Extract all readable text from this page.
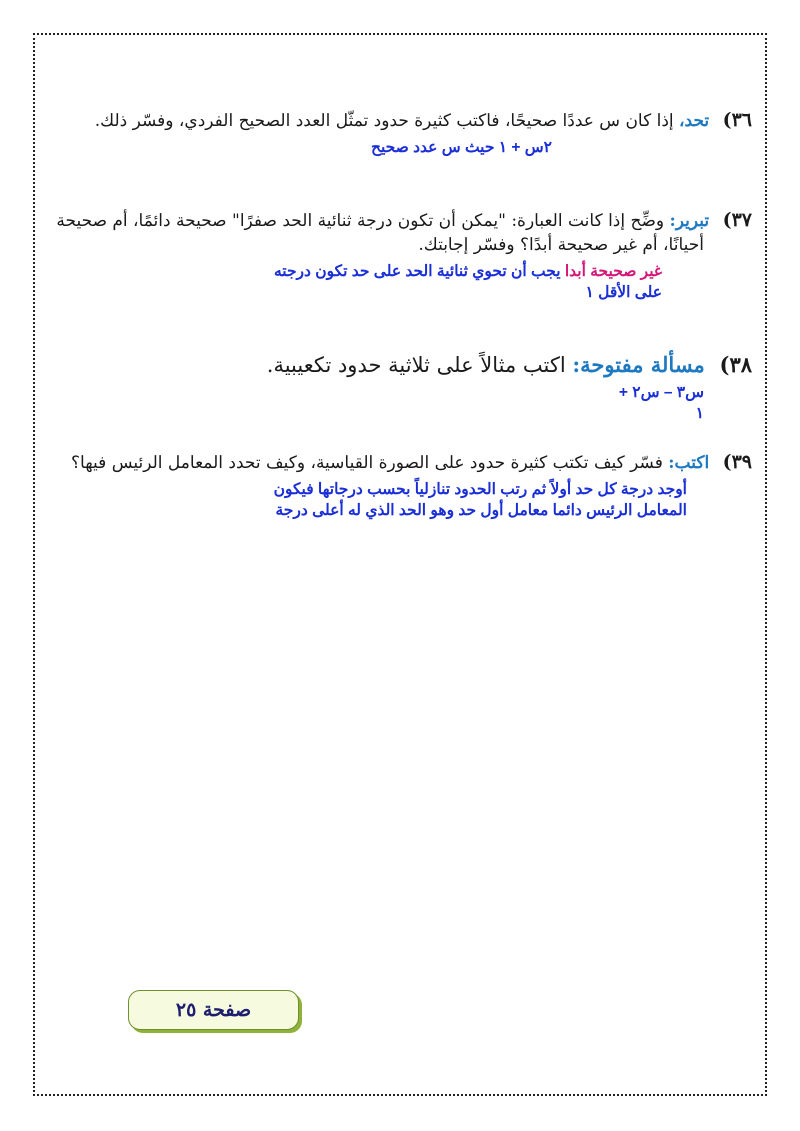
٣٦) تحد، إذا كان س عددًا صحيحًا، فاكتب كثيرة حدود تمثّل العدد الصحيح الفردي، وفسّر ذلك.
٢س + ١ حيث س عدد صحيح
٣٧) تبرير: وضِّح إذا كانت العبارة: "يمكن أن تكون درجة ثنائية الحد صفرًا" صحيحة دائمًا، أم صحيحة
أحيانًا، أم غير صحيحة أبدًا؟ وفسّر إجابتك.
غير صحيحة أبدا يجب أن تحوي ثنائية الحد على حد تكون درجته
على الأقل ١
٣٨) مسألة مفتوحة: اكتب مثالاً على ثلاثية حدود تكعيبية.
س٣ – س٢ +
١
٣٩) اكتب: فسّر كيف تكتب كثيرة حدود على الصورة القياسية، وكيف تحدد المعامل الرئيس فيها؟
أوجد درجة كل حد أولاً ثم رتب الحدود تنازلياً بحسب درجاتها فيكون
المعامل الرئيس دائما معامل أول حد وهو الحد الذي له أعلى درجة
صفحة ٢٥
